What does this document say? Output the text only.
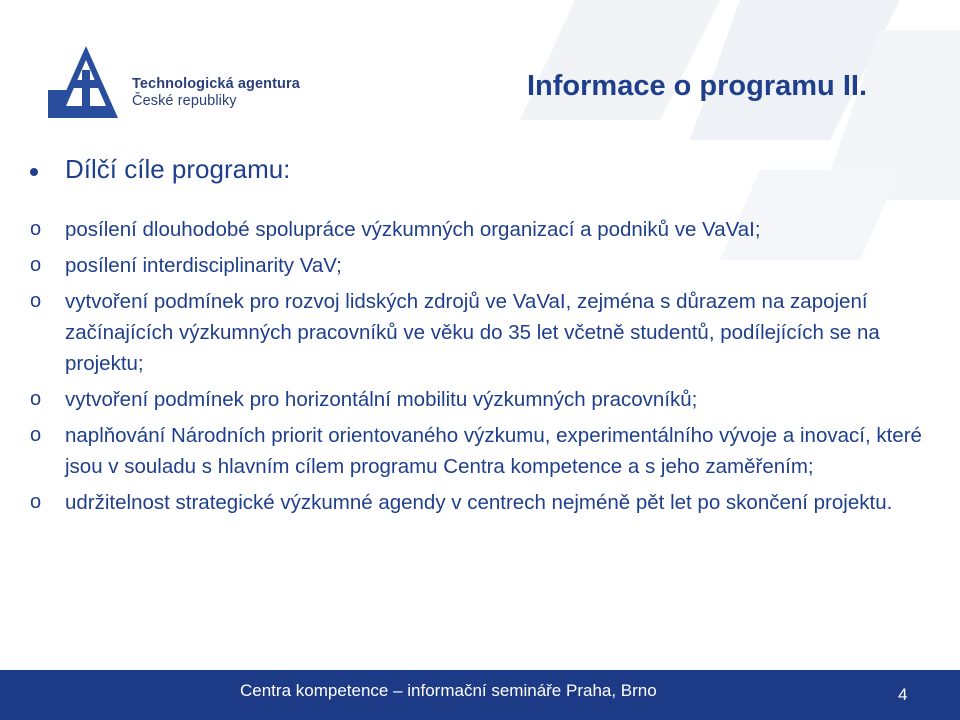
Technologická agentura
České republiky	Informace o programu II.
Dílčí cíle programu:
o posílení dlouhodobé spolupráce výzkumných organizací a podniků ve VaVaI;
o posílení interdisciplinarity VaV;
o vytvoření podmínek pro rozvoj lidských zdrojů ve VaVaI, zejména s důrazem na zapojení začínajících výzkumných pracovníků ve věku do 35 let včetně studentů, podílejících se na projektu;
o vytvoření podmínek pro horizontální mobilitu výzkumných pracovníků;
o naplňování Národních priorit orientovaného výzkumu, experimentálního vývoje a inovací, které jsou v souladu s hlavním cílem programu Centra kompetence a s jeho zaměřením;
o udržitelnost strategické výzkumné agendy v centrech nejméně pět let po skončení projektu.
Centra kompetence – informační semináře Praha, Brno	4
